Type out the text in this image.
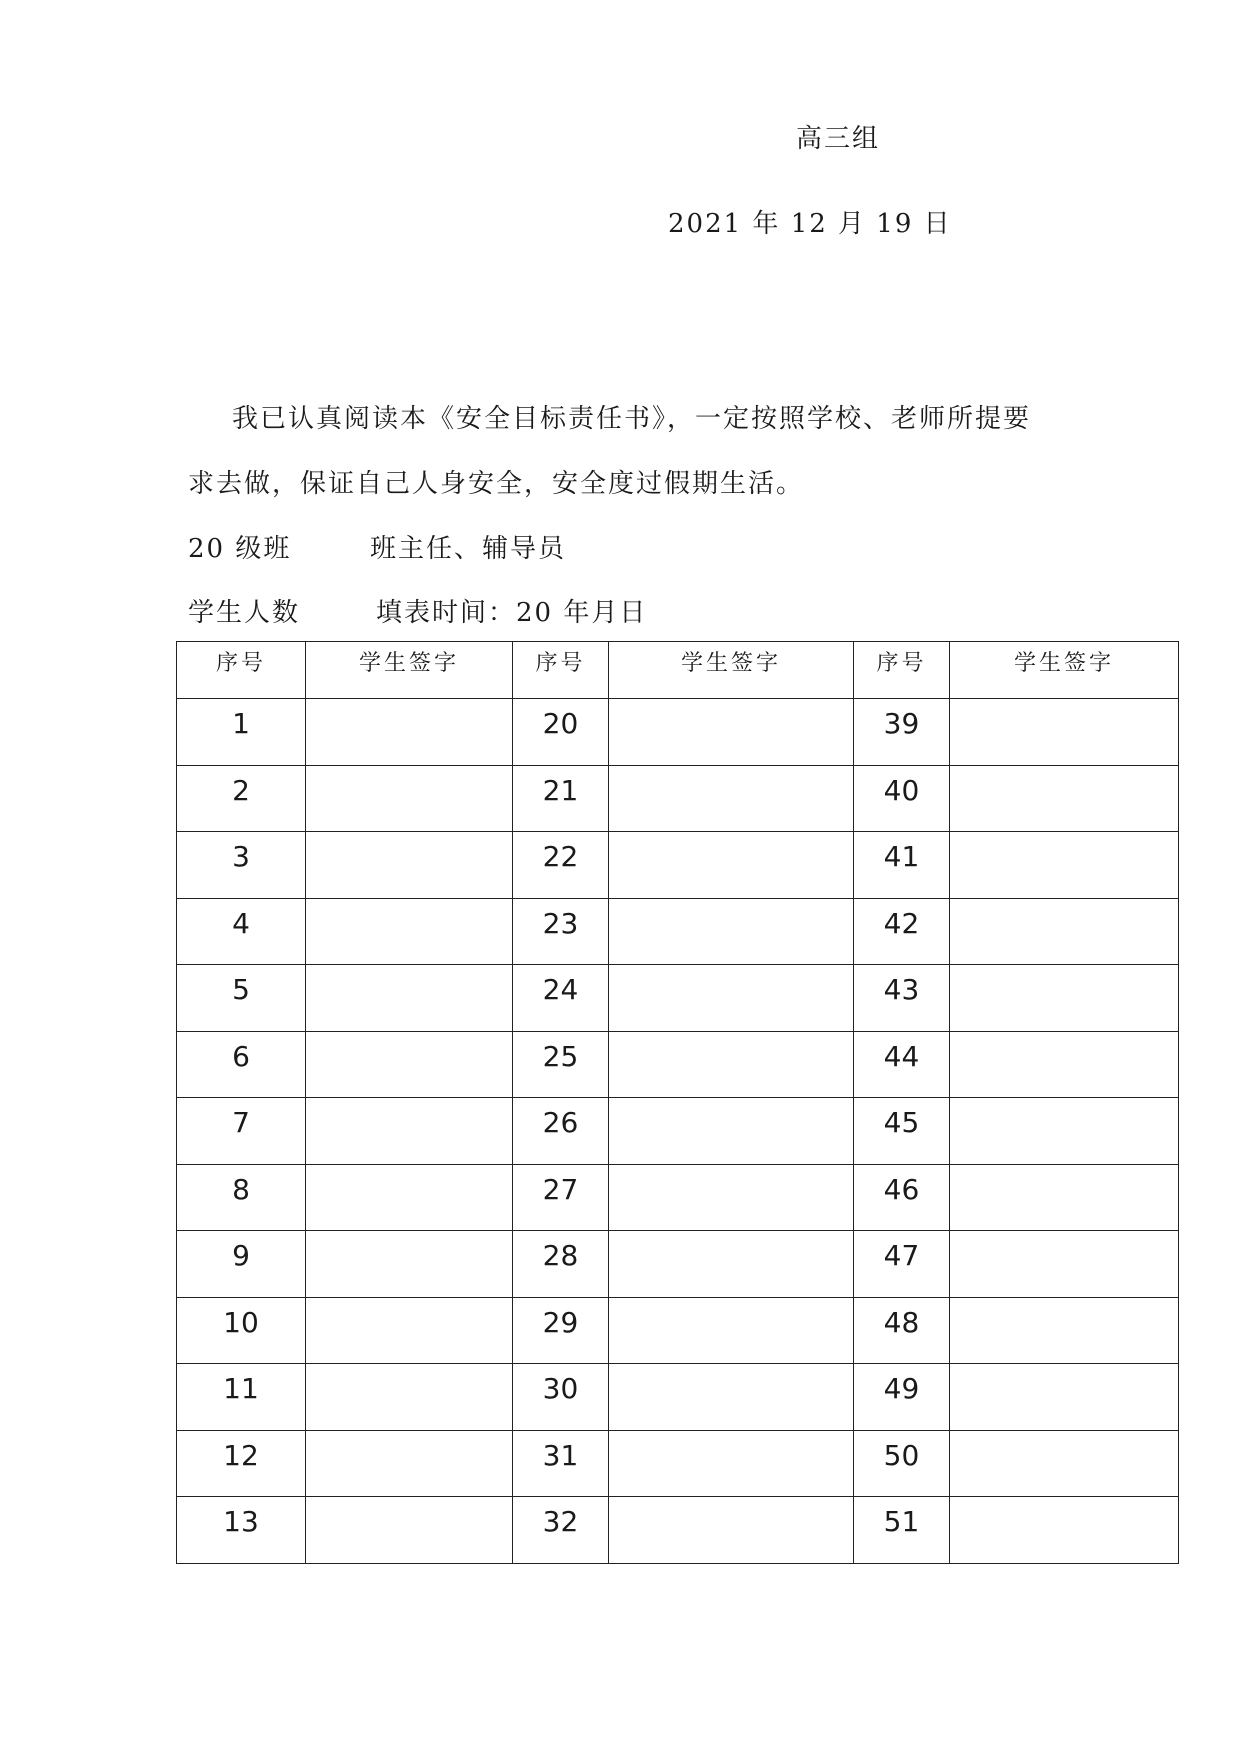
高三组
2021 年 12 月 19 日
我已认真阅读本《安全目标责任书》，一定按照学校、老师所提要
求去做，保证自己人身安全，安全度过假期生活。
20 级班	班主任、辅导员
学生人数	填表时间：20 年月日
序号	学生签字	序号	学生签字	序号	学生签字
1		20		39	
2		21		40	
3		22		41	
4		23		42	
5		24		43	
6		25		44	
7		26		45	
8		27		46	
9		28		47	
10		29		48	
11		30		49	
12		31		50	
13		32		51	
